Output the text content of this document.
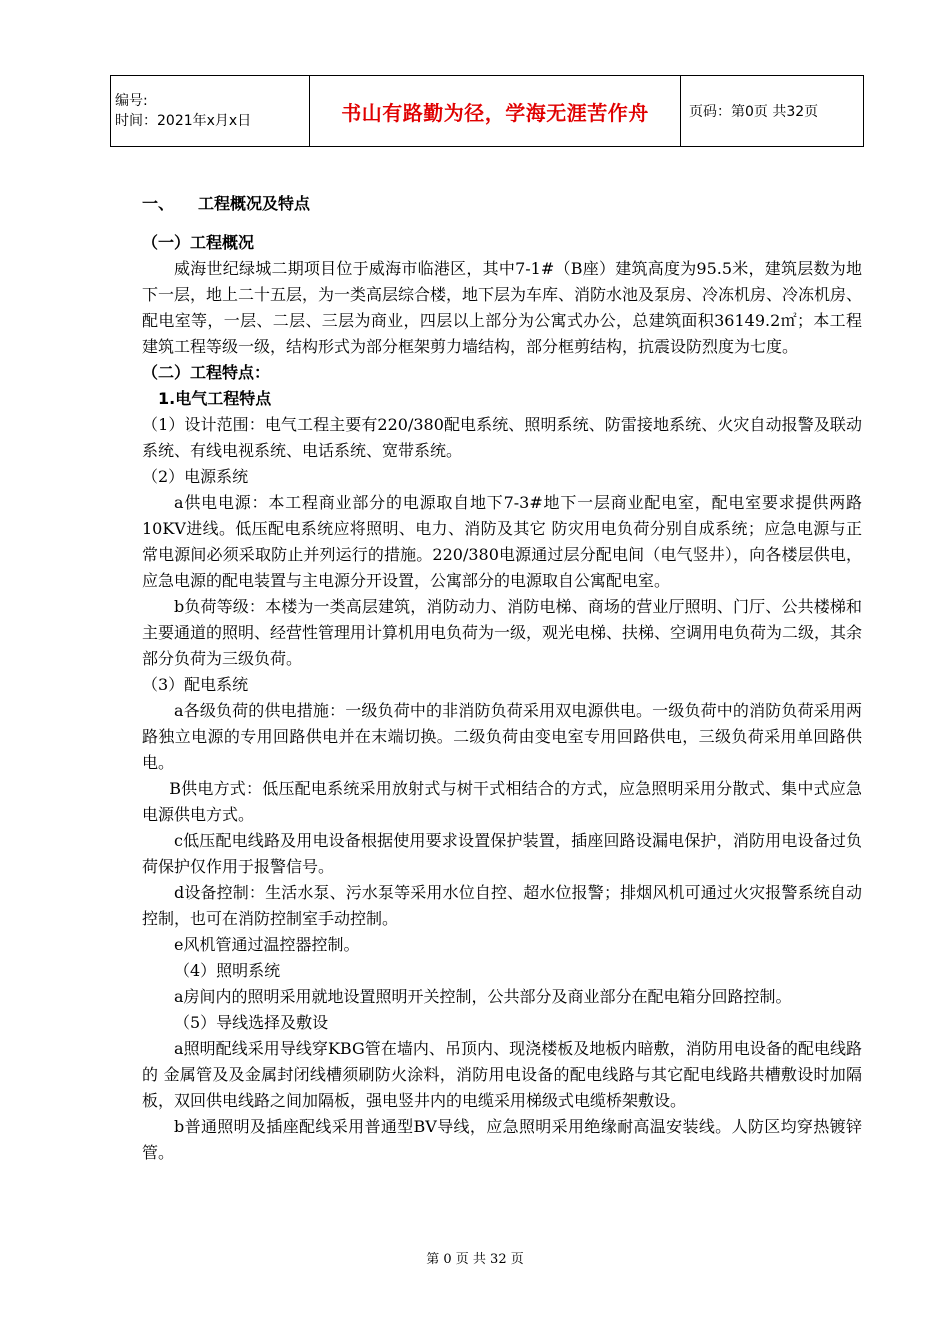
编号:
时间：2021年x月x日	书山有路勤为径，学海无涯苦作舟	页码：第0页 共32页

一、 工程概况及特点

（一）工程概况

威海世纪绿城二期项目位于威海市临港区，其中7-1#（B座）建筑高度为95.5米，建筑层数为地下一层，地上二十五层，为一类高层综合楼，地下层为车库、消防水池及泵房、冷冻机房、冷冻机房、配电室等，一层、二层、三层为商业，四层以上部分为公寓式办公，总建筑面积36149.2㎡；本工程建筑工程等级一级，结构形式为部分框架剪力墙结构，部分框剪结构，抗震设防烈度为七度。

（二）工程特点：

1.电气工程特点

（1）设计范围：电气工程主要有220/380配电系统、照明系统、防雷接地系统、火灾自动报警及联动系统、有线电视系统、电话系统、宽带系统。

（2）电源系统

a供电电源：本工程商业部分的电源取自地下7-3#地下一层商业配电室，配电室要求提供两路10KV进线。低压配电系统应将照明、电力、消防及其它 防灾用电负荷分别自成系统；应急电源与正常电源间必须采取防止并列运行的措施。220/380电源通过层分配电间（电气竖井），向各楼层供电，应急电源的配电装置与主电源分开设置，公寓部分的电源取自公寓配电室。

b负荷等级：本楼为一类高层建筑，消防动力、消防电梯、商场的营业厅照明、门厅、公共楼梯和主要通道的照明、经营性管理用计算机用电负荷为一级，观光电梯、扶梯、空调用电负荷为二级，其余部分负荷为三级负荷。

（3）配电系统

a各级负荷的供电措施：一级负荷中的非消防负荷采用双电源供电。一级负荷中的消防负荷采用两路独立电源的专用回路供电并在末端切换。二级负荷由变电室专用回路供电，三级负荷采用单回路供电。

B供电方式：低压配电系统采用放射式与树干式相结合的方式，应急照明采用分散式、集中式应急电源供电方式。

c低压配电线路及用电设备根据使用要求设置保护装置，插座回路设漏电保护，消防用电设备过负荷保护仅作用于报警信号。

d设备控制：生活水泵、污水泵等采用水位自控、超水位报警；排烟风机可通过火灾报警系统自动控制，也可在消防控制室手动控制。

e风机管通过温控器控制。

（4）照明系统

a房间内的照明采用就地设置照明开关控制，公共部分及商业部分在配电箱分回路控制。

（5）导线选择及敷设

a照明配线采用导线穿KBG管在墙内、吊顶内、现浇楼板及地板内暗敷，消防用电设备的配电线路的 金属管及及金属封闭线槽须刷防火涂料，消防用电设备的配电线路与其它配电线路共槽敷设时加隔板，双回供电线路之间加隔板，强电竖井内的电缆采用梯级式电缆桥架敷设。

b普通照明及插座配线采用普通型BV导线，应急照明采用绝缘耐高温安装线。人防区均穿热镀锌管。

第 0 页 共 32 页
